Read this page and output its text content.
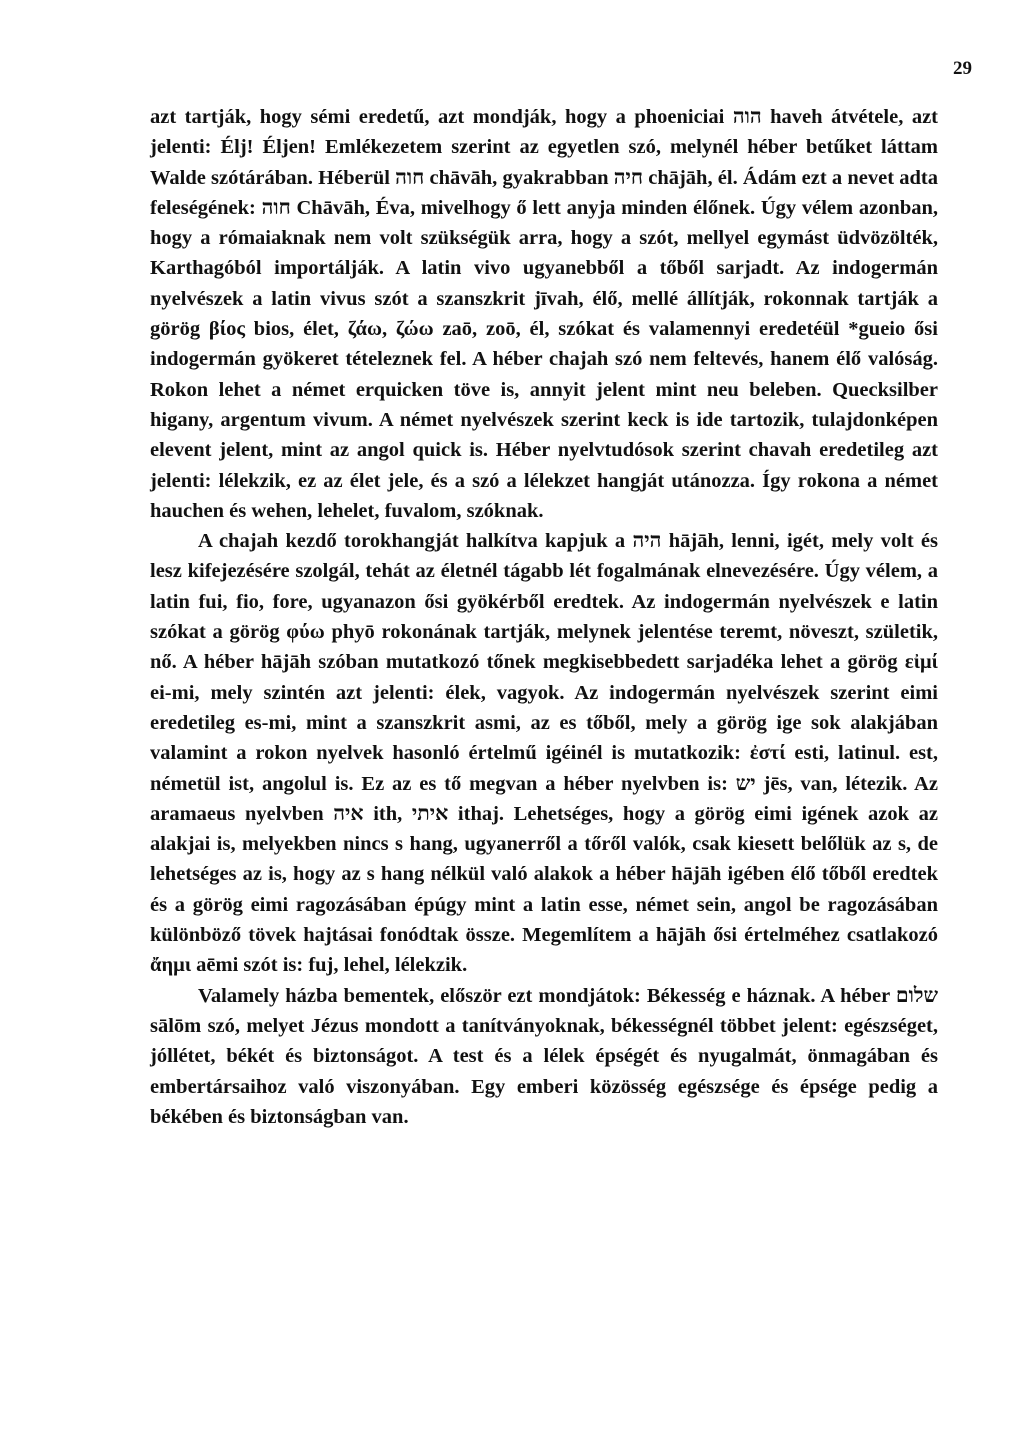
29

azt tartják, hogy sémi eredetű, azt mondják, hogy a phoeniciai הוה haveh átvétele, azt jelenti: Élj! Éljen! Emlékezetem szerint az egyetlen szó, melynél héber betűket láttam Walde szótárában. Héberül חוה chāvāh, gyakrabban חיה chājāh, él. Ádám ezt a nevet adta feleségének: חוה Chāvāh, Éva, mivelhogy ő lett anyja minden élőnek. Úgy vélem azonban, hogy a rómaiaknak nem volt szükségük arra, hogy a szót, mellyel egymást üdvözölték, Karthagóból importálják. A latin vivo ugyanebből a tőből sarjadt. Az indogermán nyelvészek a latin vivus szót a szanszkrit jīvah, élő, mellé állítják, rokonnak tartják a görög βίος bios, élet, ζάω, ζώω zaō, zoō, él, szókat és valamennyi eredetéül *gueio ősi indogermán gyökeret tételeznek fel. A héber chajah szó nem feltevés, hanem élő valóság. Rokon lehet a német erquicken töve is, annyit jelent mint neu beleben. Quecksilber higany, argentum vivum. A német nyelvészek szerint keck is ide tartozik, tulajdonképen elevent jelent, mint az angol quick is. Héber nyelvtudósok szerint chavah eredetileg azt jelenti: lélekzik, ez az élet jele, és a szó a lélekzet hangját utánozza. Így rokona a német hauchen és wehen, lehelet, fuvalom, szóknak.

A chajah kezdő torokhangját halkítva kapjuk a היה hājāh, lenni, igét, mely volt és lesz kifejezésére szolgál, tehát az életnél tágabb lét fogalmának elnevezésére. Úgy vélem, a latin fui, fio, fore, ugyanazon ősi gyökérből eredtek. Az indogermán nyelvészek e latin szókat a görög φύω phyō rokonának tartják, melynek jelentése teremt, növeszt, születik, nő. A héber hājāh szóban mutatkozó tőnek megkisebbedett sarjadéka lehet a görög εἰμί ei-mi, mely szintén azt jelenti: élek, vagyok. Az indogermán nyelvészek szerint eimi eredetileg es-mi, mint a szanszkrit asmi, az es tőből, mely a görög ige sok alakjában valamint a rokon nyelvek hasonló értelmű igéinél is mutatkozik: ἐστί esti, latinul. est, németül ist, angolul is. Ez az es tő megvan a héber nyelvben is: יש jēs, van, létezik. Az aramaeus nyelvben איה ith, איתי ithaj. Lehetséges, hogy a görög eimi igének azok az alakjai is, melyekben nincs s hang, ugyanerről a tőről valók, csak kiesett belőlük az s, de lehetséges az is, hogy az s hang nélkül való alakok a héber hājāh igében élő tőből eredtek és a görög eimi ragozásában épúgy mint a latin esse, német sein, angol be ragozásában különböző tövek hajtásai fonódtak össze. Megemlítem a hājāh ősi értelméhez csatlakozó ἄημι aēmi szót is: fuj, lehel, lélekzik.

Valamely házba bementek, először ezt mondjátok: Békesség e háznak. A héber שלום sālōm szó, melyet Jézus mondott a tanítványoknak, békességnél többet jelent: egészséget, jóllétet, békét és biztonságot. A test és a lélek épségét és nyugalmát, önmagában és embertársaihoz való viszonyában. Egy emberi közösség egészsége és épsége pedig a békében és biztonságban van.
